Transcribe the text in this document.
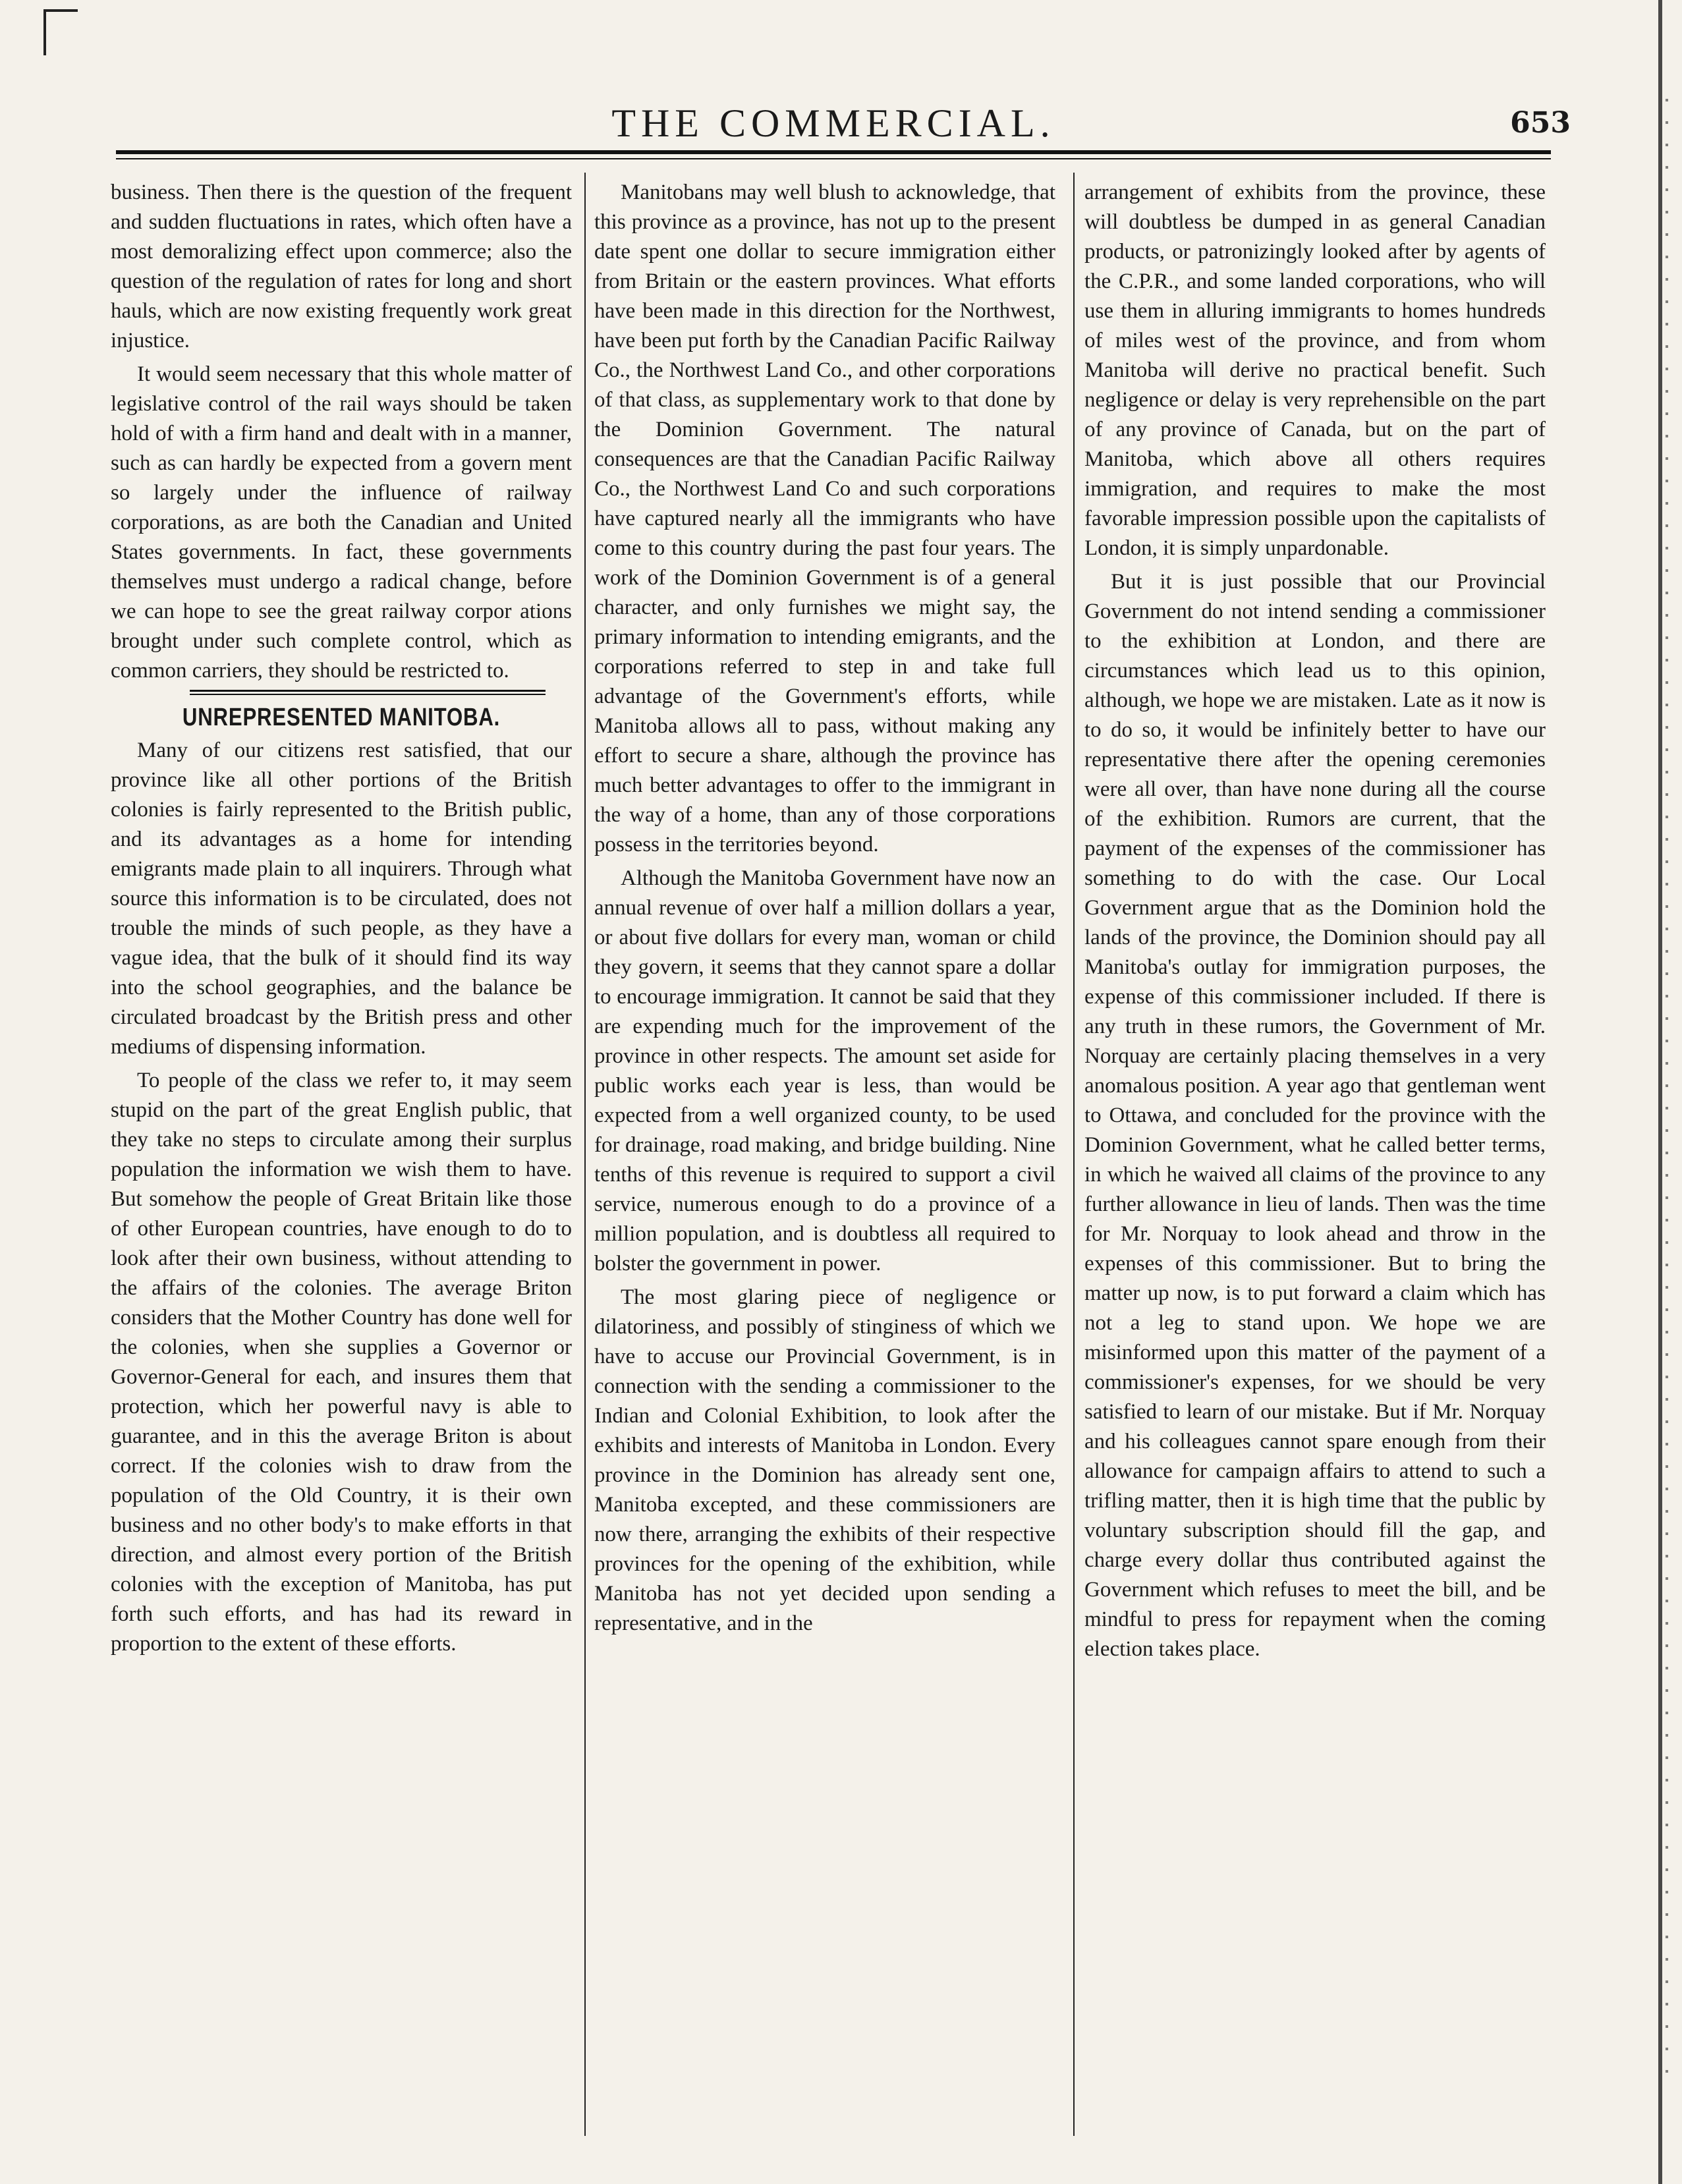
THE COMMERCIAL.	653

business. Then there is the question of the frequent and sudden fluctuations in rates, which often have a most demoralizing effect upon commerce; also the question of the regulation of rates for long and short hauls, which are now existing frequently work great injustice.

It would seem necessary that this whole matter of legislative control of the rail ways should be taken hold of with a firm hand and dealt with in a manner, such as can hardly be expected from a govern ment so largely under the influence of railway corporations, as are both the Canadian and United States governments. In fact, these governments themselves must undergo a radical change, before we can hope to see the great railway corpor ations brought under such complete control, which as common carriers, they should be restricted to.

UNREPRESENTED MANITOBA.

Many of our citizens rest satisfied, that our province like all other portions of the British colonies is fairly represented to the British public, and its advantages as a home for intending emigrants made plain to all inquirers. Through what source this information is to be circulated, does not trouble the minds of such people, as they have a vague idea, that the bulk of it should find its way into the school geographies, and the balance be circulated broadcast by the British press and other mediums of dispensing information.

To people of the class we refer to, it may seem stupid on the part of the great English public, that they take no steps to circulate among their surplus population the information we wish them to have. But somehow the people of Great Britain like those of other European countries, have enough to do to look after their own business, without attending to the affairs of the colonies. The average Briton considers that the Mother Country has done well for the colonies, when she supplies a Governor or Governor-General for each, and insures them that protection, which her powerful navy is able to guarantee, and in this the average Briton is about correct. If the colonies wish to draw from the population of the Old Country, it is their own business and no other body's to make efforts in that direction, and almost every portion of the British colonies with the exception of Manitoba, has put forth such efforts, and has had its reward in proportion to the extent of these efforts.

Manitobans may well blush to acknowledge, that this province as a province, has not up to the present date spent one dollar to secure immigration either from Britain or the eastern provinces. What efforts have been made in this direction for the Northwest, have been put forth by the Canadian Pacific Railway Co., the Northwest Land Co., and other corporations of that class, as supplementary work to that done by the Dominion Government. The natural consequences are that the Canadian Pacific Railway Co., the Northwest Land Co and such corporations have captured nearly all the immigrants who have come to this country during the past four years. The work of the Dominion Government is of a general character, and only furnishes we might say, the primary information to intending emigrants, and the corporations referred to step in and take full advantage of the Government's efforts, while Manitoba allows all to pass, without making any effort to secure a share, although the province has much better advantages to offer to the immigrant in the way of a home, than any of those corporations possess in the territories beyond.

Although the Manitoba Government have now an annual revenue of over half a million dollars a year, or about five dollars for every man, woman or child they govern, it seems that they cannot spare a dollar to encourage immigration. It cannot be said that they are expending much for the improvement of the province in other respects. The amount set aside for public works each year is less, than would be expected from a well organized county, to be used for drainage, road making, and bridge building. Nine tenths of this revenue is required to support a civil service, numerous enough to do a province of a million population, and is doubtless all required to bolster the government in power.

The most glaring piece of negligence or dilatoriness, and possibly of stinginess of which we have to accuse our Provincial Government, is in connection with the sending a commissioner to the Indian and Colonial Exhibition, to look after the exhibits and interests of Manitoba in London. Every province in the Dominion has already sent one, Manitoba excepted, and these commissioners are now there, arranging the exhibits of their respective provinces for the opening of the exhibition, while Manitoba has not yet decided upon sending a representative, and in the

arrangement of exhibits from the province, these will doubtless be dumped in as general Canadian products, or patronizingly looked after by agents of the C.P.R., and some landed corporations, who will use them in alluring immigrants to homes hundreds of miles west of the province, and from whom Manitoba will derive no practical benefit. Such negligence or delay is very reprehensible on the part of any province of Canada, but on the part of Manitoba, which above all others requires immigration, and requires to make the most favorable impression possible upon the capitalists of London, it is simply unpardonable.

But it is just possible that our Provincial Government do not intend sending a commissioner to the exhibition at London, and there are circumstances which lead us to this opinion, although, we hope we are mistaken. Late as it now is to do so, it would be infinitely better to have our representative there after the opening ceremonies were all over, than have none during all the course of the exhibition. Rumors are current, that the payment of the expenses of the commissioner has something to do with the case. Our Local Government argue that as the Dominion hold the lands of the province, the Dominion should pay all Manitoba's outlay for immigration purposes, the expense of this commissioner included. If there is any truth in these rumors, the Government of Mr. Norquay are certainly placing themselves in a very anomalous position. A year ago that gentleman went to Ottawa, and concluded for the province with the Dominion Government, what he called better terms, in which he waived all claims of the province to any further allowance in lieu of lands. Then was the time for Mr. Norquay to look ahead and throw in the expenses of this commissioner. But to bring the matter up now, is to put forward a claim which has not a leg to stand upon. We hope we are misinformed upon this matter of the payment of a commissioner's expenses, for we should be very satisfied to learn of our mistake. But if Mr. Norquay and his colleagues cannot spare enough from their allowance for campaign affairs to attend to such a trifling matter, then it is high time that the public by voluntary subscription should fill the gap, and charge every dollar thus contributed against the Government which refuses to meet the bill, and be mindful to press for repayment when the coming election takes place.
